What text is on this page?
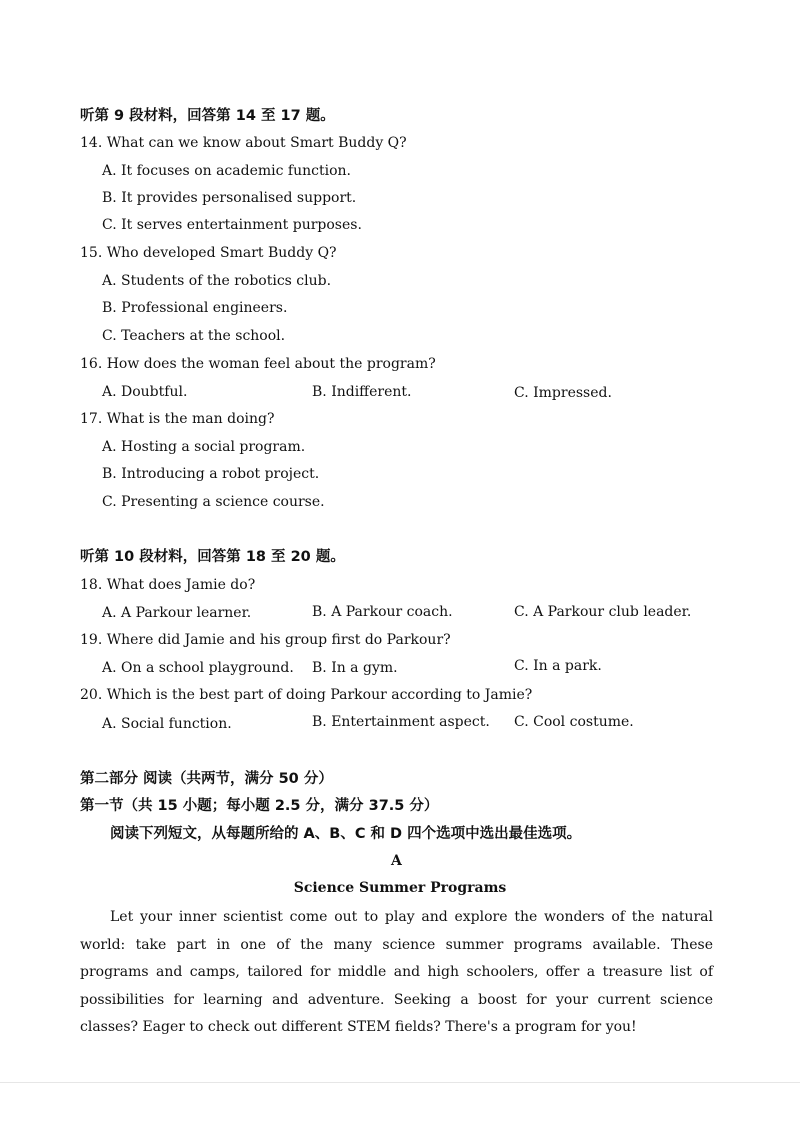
听第 9 段材料，回答第 14 至 17 题。
14. What can we know about Smart Buddy Q?
A. It focuses on academic function.
B. It provides personalised support.
C. It serves entertainment purposes.
15. Who developed Smart Buddy Q?
A. Students of the robotics club.
B. Professional engineers.
C. Teachers at the school.
16. How does the woman feel about the program?
A. Doubtful.	B. Indifferent.	C. Impressed.
17. What is the man doing?
A. Hosting a social program.
B. Introducing a robot project.
C. Presenting a science course.
听第 10 段材料，回答第 18 至 20 题。
18. What does Jamie do?
A. A Parkour learner.	B. A Parkour coach.	C. A Parkour club leader.
19. Where did Jamie and his group first do Parkour?
A. On a school playground. B. In a gym.	C. In a park.
20. Which is the best part of doing Parkour according to Jamie?
A. Social function.	B. Entertainment aspect. C. Cool costume.
第二部分 阅读（共两节，满分 50 分）
第一节（共 15 小题；每小题 2.5 分，满分 37.5 分）
阅读下列短文，从每题所给的 A、B、C 和 D 四个选项中选出最佳选项。
A
Science Summer Programs
Let your inner scientist come out to play and explore the wonders of the natural world: take part in one of the many science summer programs available. These programs and camps, tailored for middle and high schoolers, offer a treasure list of possibilities for learning and adventure. Seeking a boost for your current science classes? Eager to check out different STEM fields? There's a program for you!
